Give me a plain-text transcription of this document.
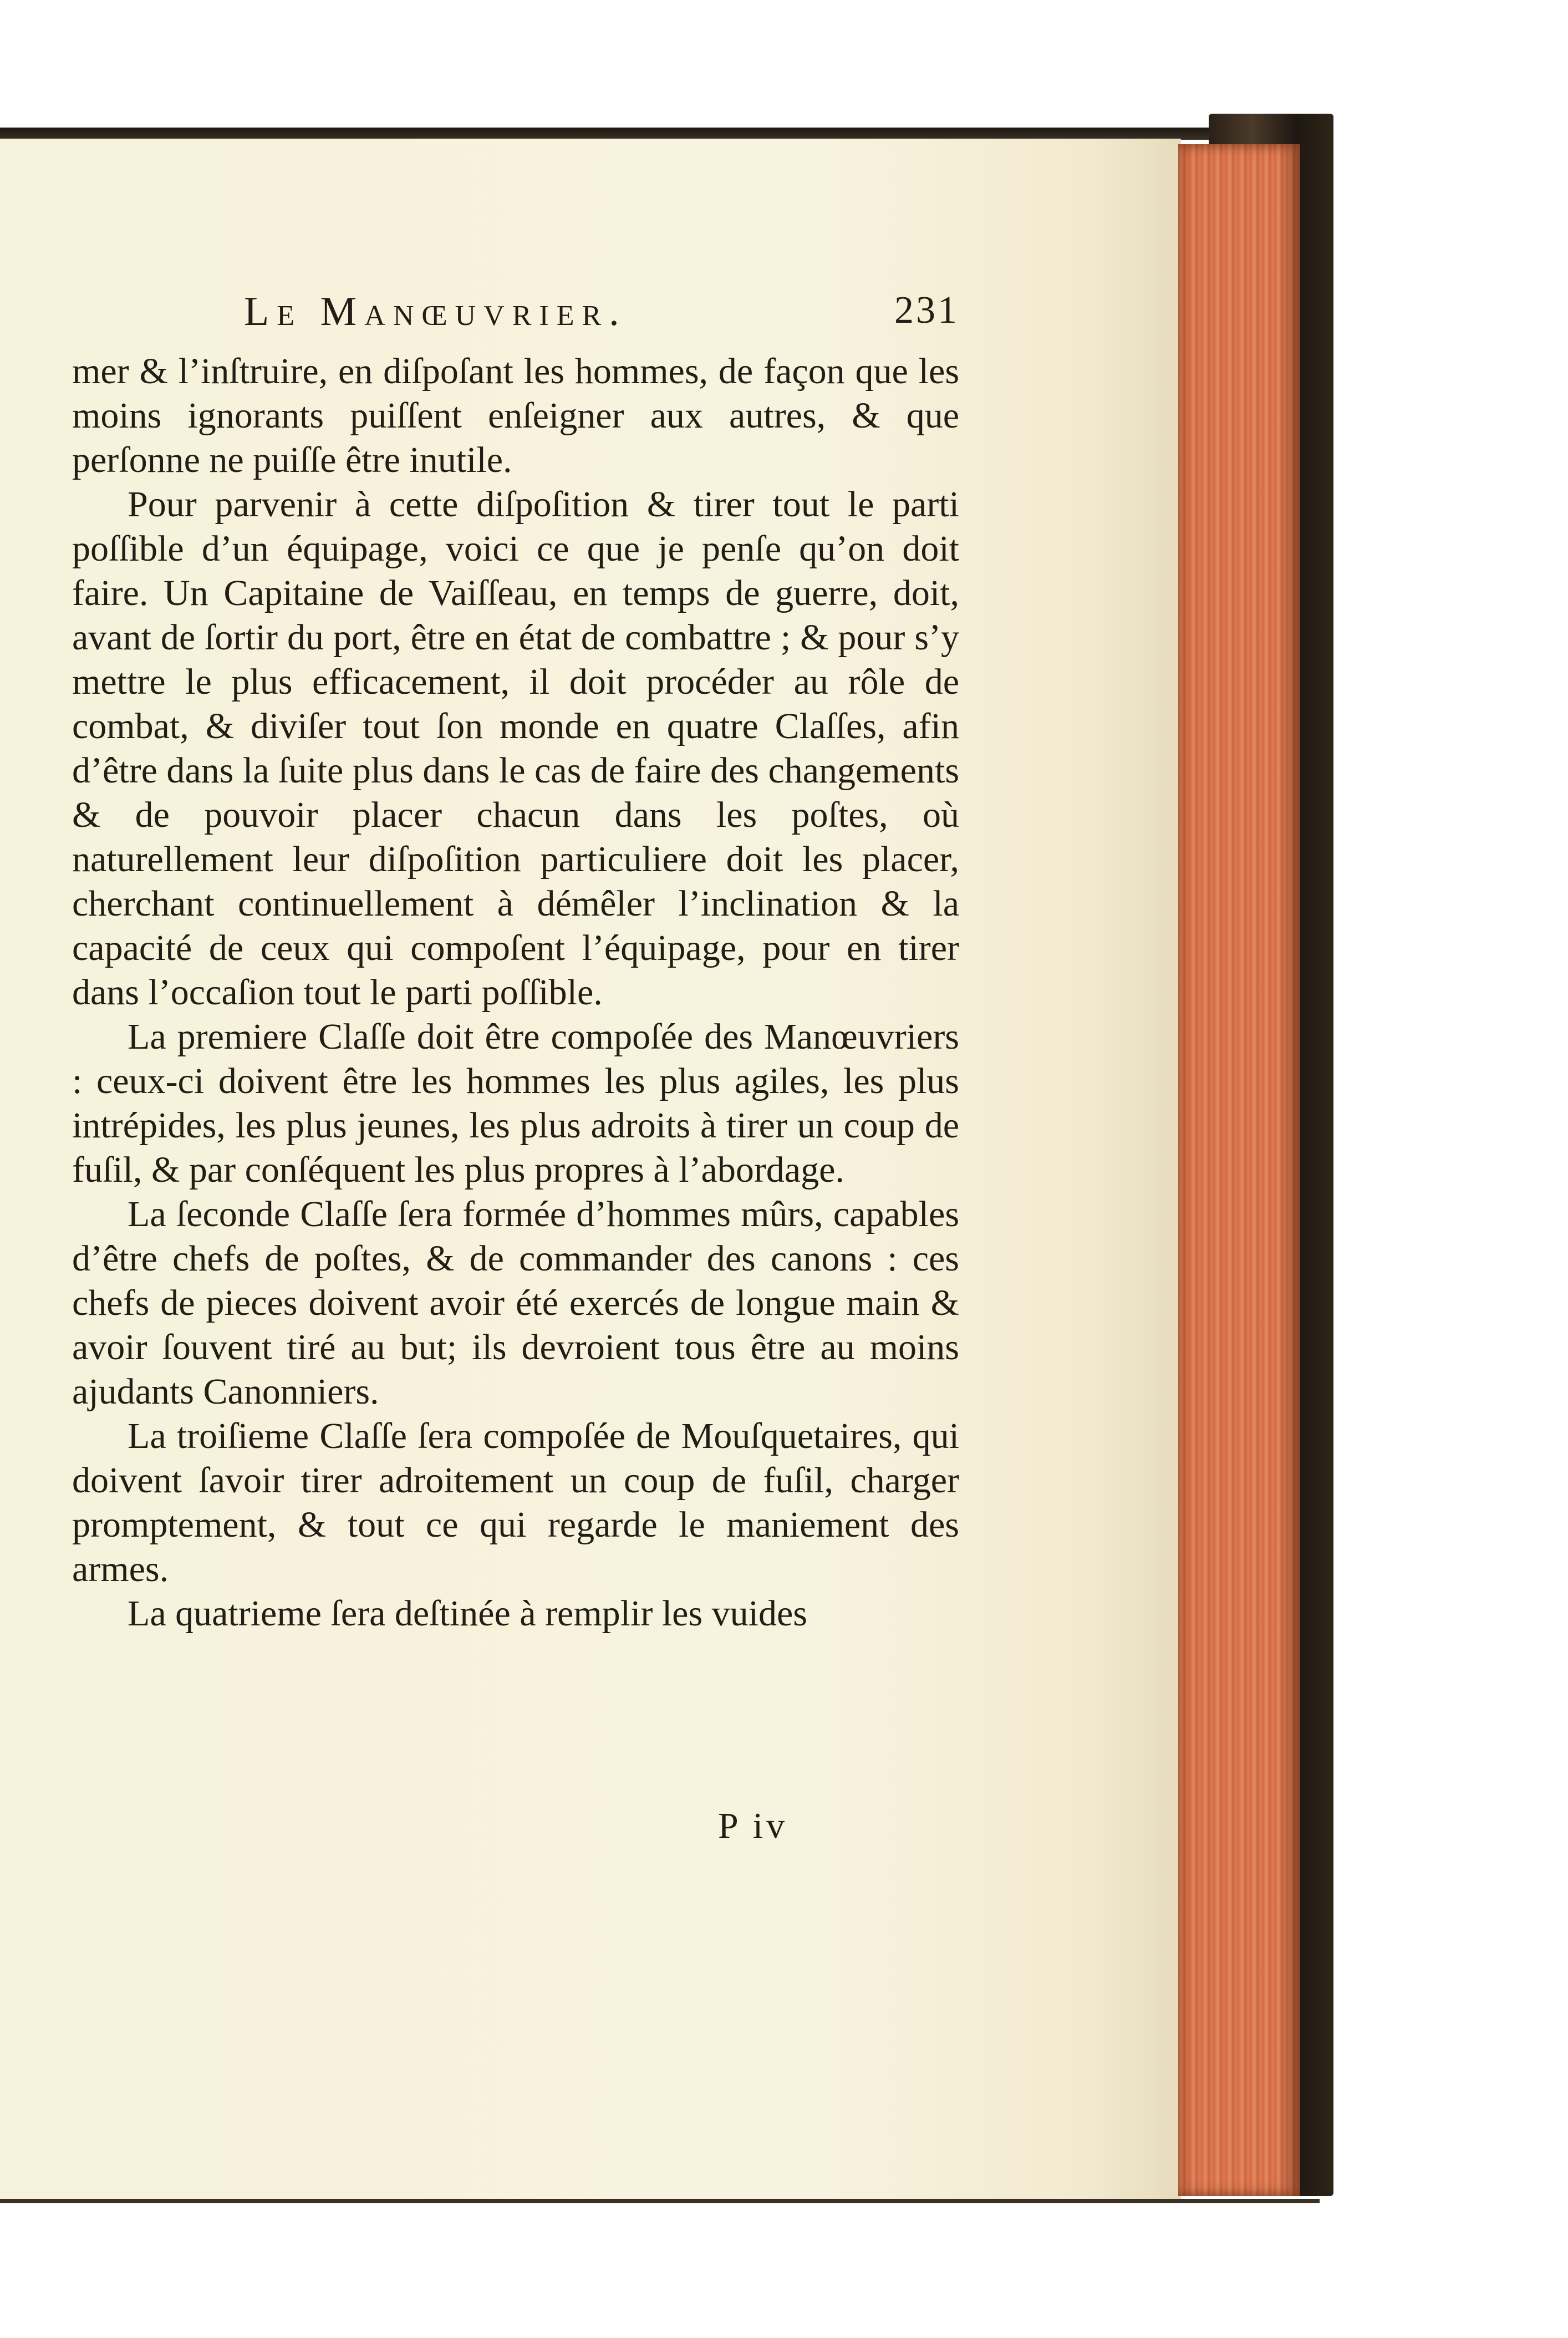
Le Manœuvrier.	231

mer & l’inſtruire, en diſpoſant les hommes, de façon que les moins ignorants puiſſent enſeigner aux autres, & que perſonne ne puiſſe être inutile.

Pour parvenir à cette diſpoſition & tirer tout le parti poſſible d’un équipage, voici ce que je penſe qu’on doit faire. Un Capitaine de Vaiſſeau, en temps de guerre, doit, avant de ſortir du port, être en état de combattre ; & pour s’y mettre le plus efficacement, il doit procéder au rôle de combat, & diviſer tout ſon monde en quatre Claſſes, afin d’être dans la ſuite plus dans le cas de faire des changements & de pouvoir placer chacun dans les poſtes, où naturellement leur diſpoſition particuliere doit les placer, cherchant continuellement à démêler l’inclination & la capacité de ceux qui compoſent l’équipage, pour en tirer dans l’occaſion tout le parti poſſible.

La premiere Claſſe doit être compoſée des Manœuvriers : ceux-ci doivent être les hommes les plus agiles, les plus intrépides, les plus jeunes, les plus adroits à tirer un coup de fuſil, & par conſéquent les plus propres à l’abordage.

La ſeconde Claſſe ſera formée d’hommes mûrs, capables d’être chefs de poſtes, & de commander des canons : ces chefs de pieces doivent avoir été exercés de longue main & avoir ſouvent tiré au but; ils devroient tous être au moins ajudants Canonniers.

La troiſieme Claſſe ſera compoſée de Mouſquetaires, qui doivent ſavoir tirer adroitement un coup de fuſil, charger promptement, & tout ce qui regarde le maniement des armes.

La quatrieme ſera deſtinée à remplir les vuides

P iv
